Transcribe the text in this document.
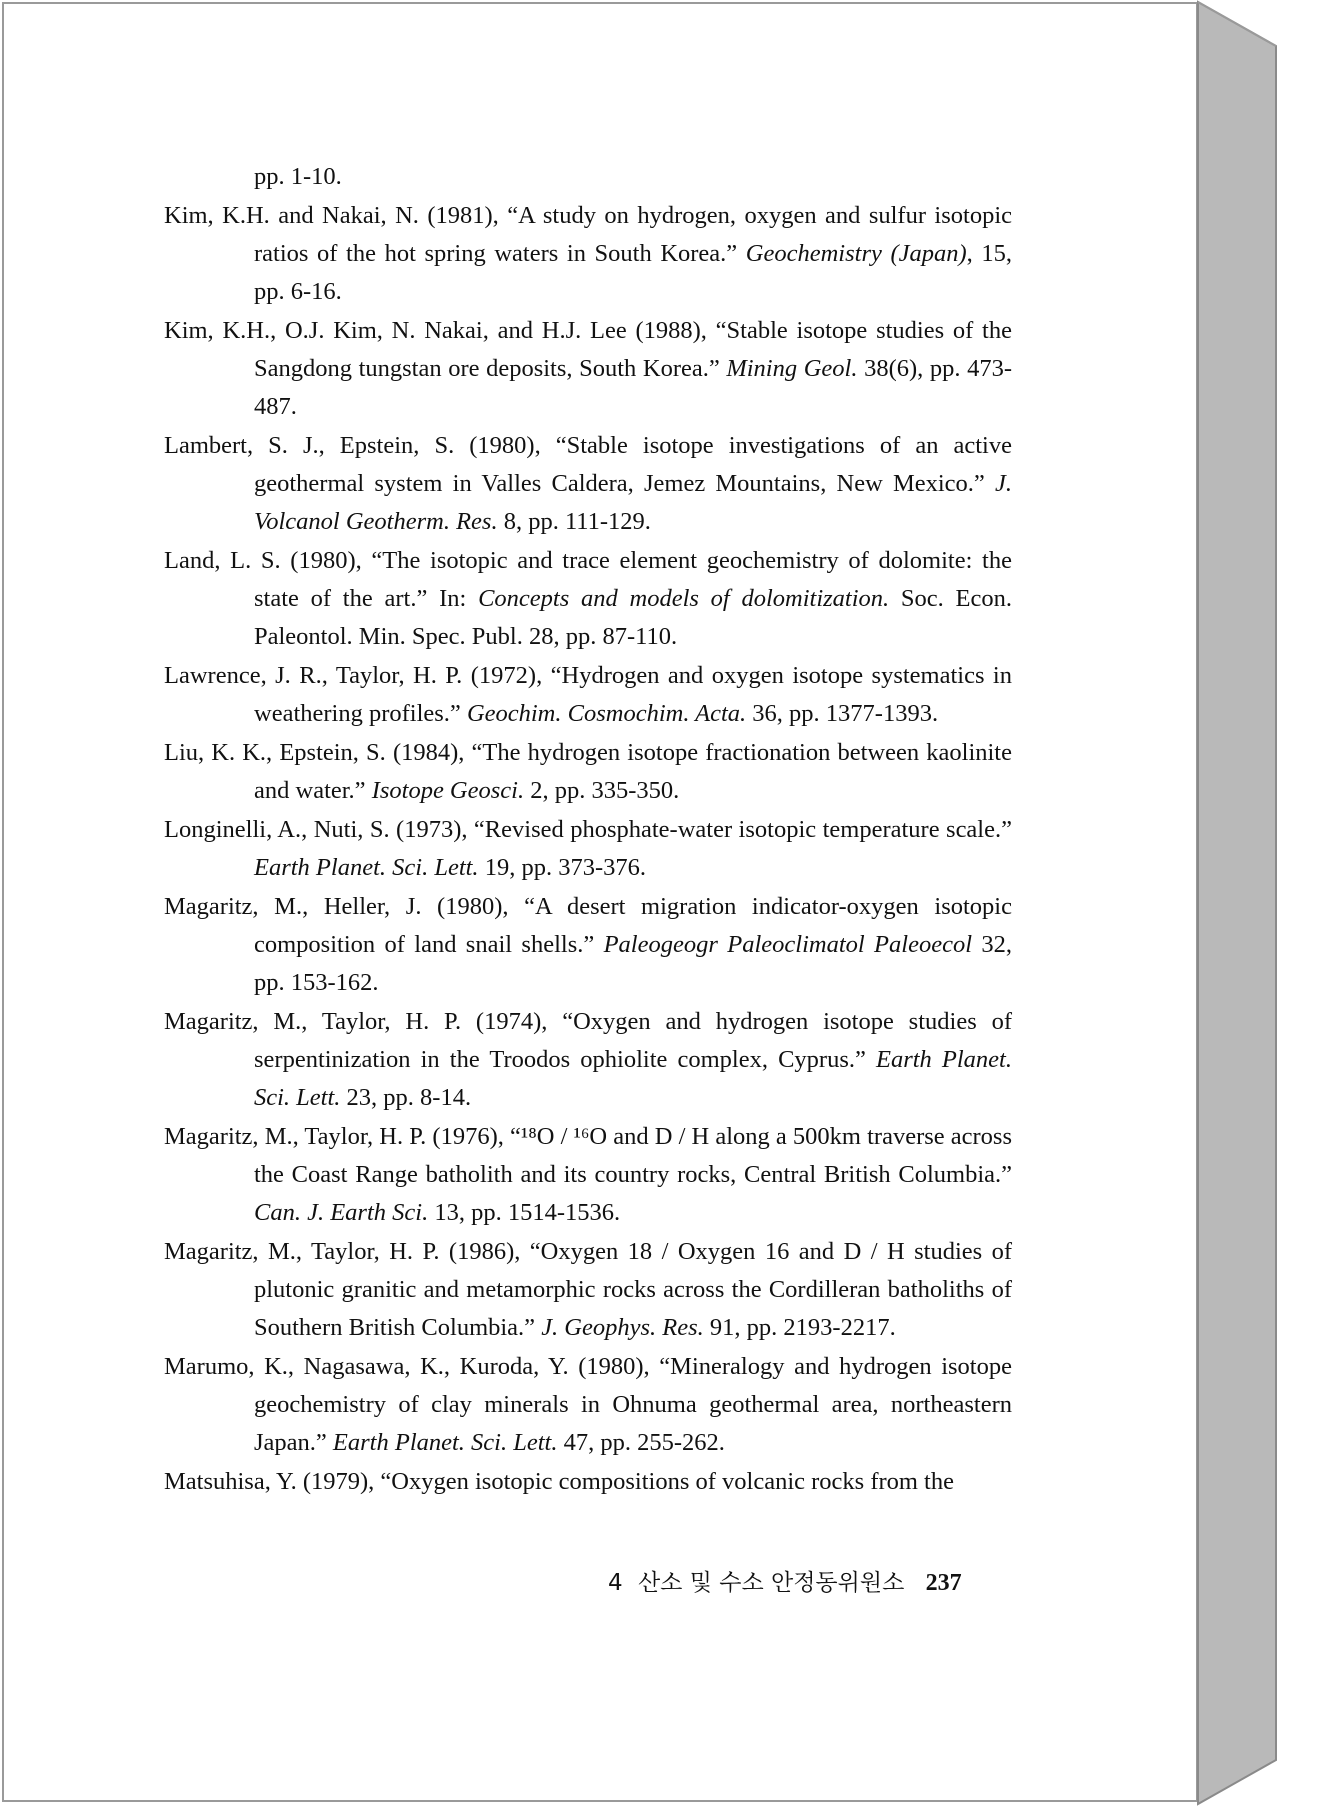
pp. 1-10.

Kim, K.H. and Nakai, N. (1981), “A study on hydrogen, oxygen and sulfur isotopic ratios of the hot spring waters in South Korea.” Geochemistry (Japan), 15, pp. 6-16.

Kim, K.H., O.J. Kim, N. Nakai, and H.J. Lee (1988), “Stable isotope studies of the Sangdong tungstan ore deposits, South Korea.” Mining Geol. 38(6), pp. 473-487.

Lambert, S. J., Epstein, S. (1980), “Stable isotope investigations of an active geothermal system in Valles Caldera, Jemez Mountains, New Mexico.” J. Volcanol Geotherm. Res. 8, pp. 111-129.

Land, L. S. (1980), “The isotopic and trace element geochemistry of dolomite: the state of the art.” In: Concepts and models of dolomitization. Soc. Econ. Paleontol. Min. Spec. Publ. 28, pp. 87-110.

Lawrence, J. R., Taylor, H. P. (1972), “Hydrogen and oxygen isotope systematics in weathering profiles.” Geochim. Cosmochim. Acta. 36, pp. 1377-1393.

Liu, K. K., Epstein, S. (1984), “The hydrogen isotope fractionation between kaolinite and water.” Isotope Geosci. 2, pp. 335-350.

Longinelli, A., Nuti, S. (1973), “Revised phosphate-water isotopic temperature scale.” Earth Planet. Sci. Lett. 19, pp. 373-376.

Magaritz, M., Heller, J. (1980), “A desert migration indicator-oxygen isotopic composition of land snail shells.” Paleogeogr Paleoclimatol Paleoecol 32, pp. 153-162.

Magaritz, M., Taylor, H. P. (1974), “Oxygen and hydrogen isotope studies of serpentinization in the Troodos ophiolite complex, Cyprus.” Earth Planet. Sci. Lett. 23, pp. 8-14.

Magaritz, M., Taylor, H. P. (1976), “¹⁸O / ¹⁶O and D / H along a 500km traverse across the Coast Range batholith and its country rocks, Central British Columbia.” Can. J. Earth Sci. 13, pp. 1514-1536.

Magaritz, M., Taylor, H. P. (1986), “Oxygen 18 / Oxygen 16 and D / H studies of plutonic granitic and metamorphic rocks across the Cordilleran batholiths of Southern British Columbia.” J. Geophys. Res. 91, pp. 2193-2217.

Marumo, K., Nagasawa, K., Kuroda, Y. (1980), “Mineralogy and hydrogen isotope geochemistry of clay minerals in Ohnuma geothermal area, northeastern Japan.” Earth Planet. Sci. Lett. 47, pp. 255-262.

Matsuhisa, Y. (1979), “Oxygen isotopic compositions of volcanic rocks from the

4 산소 및 수소 안정동위원소 237
